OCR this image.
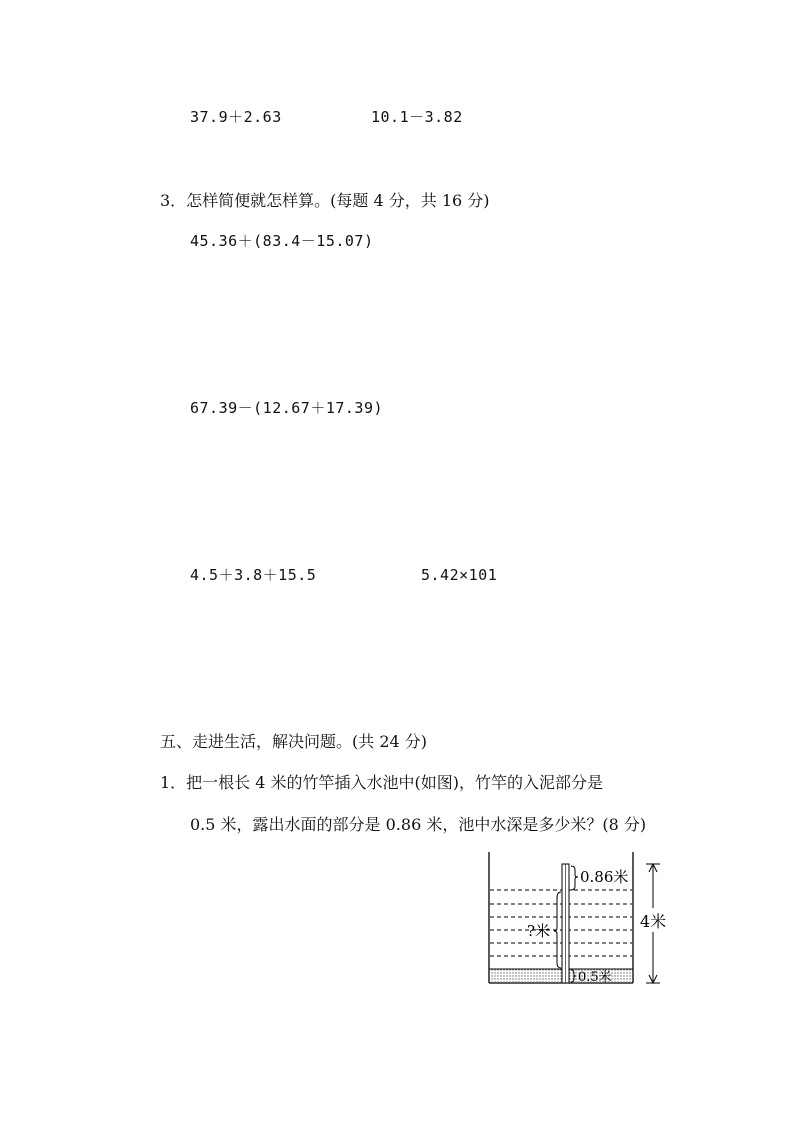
37.9＋2.63	10.1－3.82
3．怎样简便就怎样算。(每题 4 分，共 16 分)
45.36＋(83.4－15.07)
67.39－(12.67＋17.39)
4.5＋3.8＋15.5	5.42×101
五、走进生活，解决问题。(共 24 分)
1．把一根长 4 米的竹竿插入水池中(如图)，竹竿的入泥部分是
0.5 米，露出水面的部分是 0.86 米，池中水深是多少米？(8 分)
0.86米
?米	4米
0.5米
